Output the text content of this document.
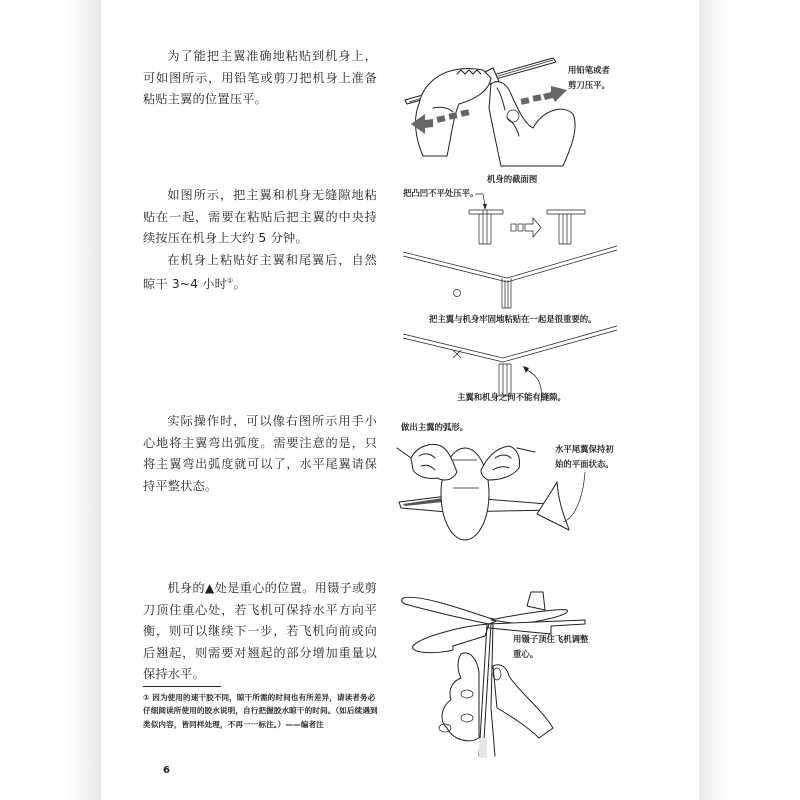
为了能把主翼准确地粘贴到机身上，可如图所示，用铅笔或剪刀把机身上准备粘贴主翼的位置压平。

如图所示，把主翼和机身无缝隙地粘贴在一起，需要在粘贴后把主翼的中央持续按压在机身上大约 5 分钟。

在机身上粘贴好主翼和尾翼后，自然晾干 3~4 小时①。

实际操作时，可以像右图所示用手小心地将主翼弯出弧度。需要注意的是，只将主翼弯出弧度就可以了，水平尾翼请保持平整状态。

机身的▲处是重心的位置。用镊子或剪刀顶住重心处，若飞机可保持水平方向平衡，则可以继续下一步，若飞机向前或向后翘起，则需要对翘起的部分增加重量以保持水平。

① 因为使用的速干胶不同，晾干所需的时间也有所差异，请读者务必仔细阅读所使用的胶水说明，自行把握胶水晾干的时间。（如后续遇到类似内容，皆同样处理，不再一一标注。）——编者注

6
用铅笔或者
剪刀压平。
机身的截面图
把凸凹不平处压平。
把主翼与机身牢固地粘贴在一起是很重要的。
主翼和机身之间不能有缝隙。
做出主翼的弧形。
水平尾翼保持初
始的平面状态。
用镊子顶住飞机调整
重心。
